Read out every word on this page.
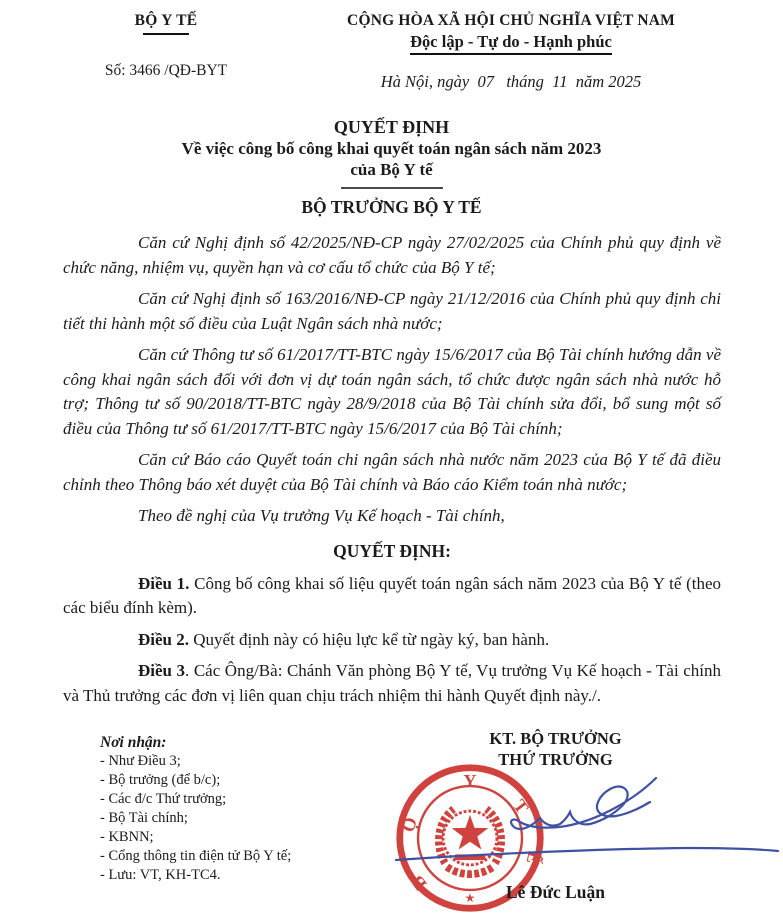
BỘ Y TẾ
Số: 3466 /QĐ-BYT
CỘNG HÒA XÃ HỘI CHỦ NGHĨA VIỆT NAM
Độc lập - Tự do - Hạnh phúc
Hà Nội, ngày  07   tháng  11  năm 2025
QUYẾT ĐỊNH
Về việc công bố công khai quyết toán ngân sách năm 2023
của Bộ Y tế
BỘ TRƯỞNG BỘ Y TẾ

Căn cứ Nghị định số 42/2025/NĐ-CP ngày 27/02/2025 của Chính phủ quy định về chức năng, nhiệm vụ, quyền hạn và cơ cấu tổ chức của Bộ Y tế;

Căn cứ Nghị định số 163/2016/NĐ-CP ngày 21/12/2016 của Chính phủ quy định chi tiết thi hành một số điều của Luật Ngân sách nhà nước;

Căn cứ Thông tư số 61/2017/TT-BTC ngày 15/6/2017 của Bộ Tài chính hướng dẫn về công khai ngân sách đối với đơn vị dự toán ngân sách, tổ chức được ngân sách nhà nước hỗ trợ; Thông tư số 90/2018/TT-BTC ngày 28/9/2018 của Bộ Tài chính sửa đổi, bổ sung một số điều của Thông tư số 61/2017/TT-BTC ngày 15/6/2017 của Bộ Tài chính;

Căn cứ Báo cáo Quyết toán chi ngân sách nhà nước năm 2023 của Bộ Y tế đã điều chỉnh theo Thông báo xét duyệt của Bộ Tài chính và Báo cáo Kiểm toán nhà nước;

Theo đề nghị của Vụ trưởng Vụ Kế hoạch - Tài chính,

QUYẾT ĐỊNH:

Điều 1. Công bố công khai số liệu quyết toán ngân sách năm 2023 của Bộ Y tế (theo các biểu đính kèm).

Điều 2. Quyết định này có hiệu lực kể từ ngày ký, ban hành.

Điều 3. Các Ông/Bà: Chánh Văn phòng Bộ Y tế, Vụ trưởng Vụ Kế hoạch - Tài chính và Thủ trưởng các đơn vị liên quan chịu trách nhiệm thi hành Quyết định này./.

Nơi nhận:
- Như Điều 3;
- Bộ trưởng (để b/c);
- Các đ/c Thứ trưởng;
- Bộ Tài chính;
- KBNN;
- Cổng thông tin điện tử Bộ Y tế;
- Lưu: VT, KH-TC4.
KT. BỘ TRƯỞNG
THỨ TRƯỞNG
B
Ộ
Y
T
Ế
★	Lê Đức Luận
